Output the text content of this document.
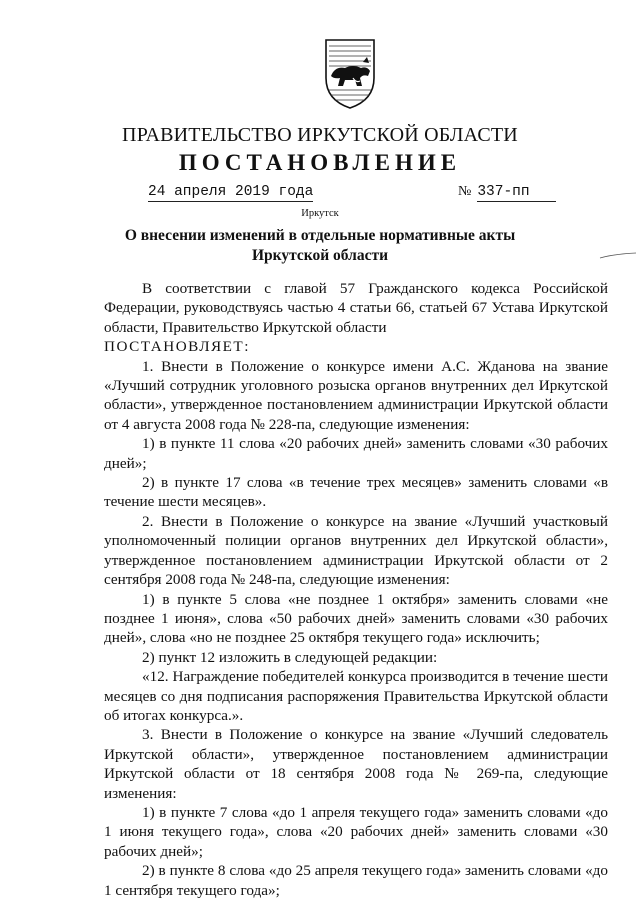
ПРАВИТЕЛЬСТВО ИРКУТСКОЙ ОБЛАСТИ
ПОСТАНОВЛЕНИЕ
24 апреля 2019 года	№ 337-пп
Иркутск
О внесении изменений в отдельные нормативные акты
Иркутской области

В соответствии с главой 57 Гражданского кодекса Российской Федерации, руководствуясь частью 4 статьи 66, статьей 67 Устава Иркутской области, Правительство Иркутской области

ПОСТАНОВЛЯЕТ:

1. Внести в Положение о конкурсе имени А.С. Жданова на звание «Лучший сотрудник уголовного розыска органов внутренних дел Иркутской области», утвержденное постановлением администрации Иркутской области от 4 августа 2008 года № 228-па, следующие изменения:

1) в пункте 11 слова «20 рабочих дней» заменить словами «30 рабочих дней»;

2) в пункте 17 слова «в течение трех месяцев» заменить словами «в течение шести месяцев».

2. Внести в Положение о конкурсе на звание «Лучший участковый уполномоченный полиции органов внутренних дел Иркутской области», утвержденное постановлением администрации Иркутской области от 2 сентября 2008 года № 248-па, следующие изменения:

1) в пункте 5 слова «не позднее 1 октября» заменить словами «не позднее 1 июня», слова «50 рабочих дней» заменить словами «30 рабочих дней», слова «но не позднее 25 октября текущего года» исключить;

2) пункт 12 изложить в следующей редакции:

«12. Награждение победителей конкурса производится в течение шести месяцев со дня подписания распоряжения Правительства Иркутской области об итогах конкурса.».

3. Внести в Положение о конкурсе на звание «Лучший следователь Иркутской области», утвержденное постановлением администрации Иркутской области от 18 сентября 2008 года № 269-па, следующие изменения:

1) в пункте 7 слова «до 1 апреля текущего года» заменить словами «до 1 июня текущего года», слова «20 рабочих дней» заменить словами «30 рабочих дней»;

2) в пункте 8 слова «до 25 апреля текущего года» заменить словами «до 1 сентября текущего года»;
